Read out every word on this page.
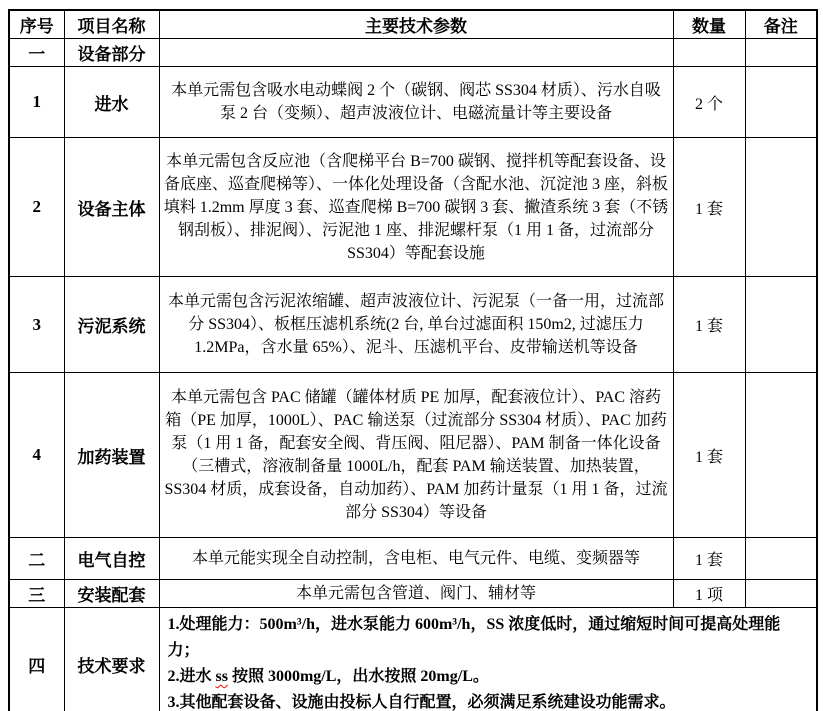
序号	项目名称	主要技术参数	数量	备注
一	设备部分			
1	进水	本单元需包含吸水电动蝶阀 2 个（碳钢、阀芯 SS304 材质）、污水自吸泵 2 台（变频）、超声波液位计、电磁流量计等主要设备	2 个	
2	设备主体	本单元需包含反应池（含爬梯平台 B=700 碳钢、搅拌机等配套设备、设备底座、巡查爬梯等）、一体化处理设备（含配水池、沉淀池 3 座，斜板填料 1.2mm 厚度 3 套、巡查爬梯 B=700 碳钢 3 套、撇渣系统 3 套（不锈钢刮板）、排泥阀）、污泥池 1 座、排泥螺杆泵（1 用 1 备，过流部分 SS304）等配套设施	1 套	
3	污泥系统	本单元需包含污泥浓缩罐、超声波液位计、污泥泵（一备一用，过流部分 SS304）、板框压滤机系统(2 台, 单台过滤面积 150m2, 过滤压力 1.2MPa，含水量 65%）、泥斗、压滤机平台、皮带输送机等设备	1 套	
4	加药装置	本单元需包含 PAC 储罐（罐体材质 PE 加厚，配套液位计）、PAC 溶药箱（PE 加厚，1000L）、PAC 输送泵（过流部分 SS304 材质）、PAC 加药泵（1 用 1 备，配套安全阀、背压阀、阻尼器）、PAM 制备一体化设备（三槽式，溶液制备量 1000L/h，配套 PAM 输送装置、加热装置，SS304 材质，成套设备，自动加药）、PAM 加药计量泵（1 用 1 备，过流部分 SS304）等设备	1 套	
二	电气自控	本单元能实现全自动控制，含电柜、电气元件、电缆、变频器等	1 套	
三	安装配套	本单元需包含管道、阀门、辅材等	1 项	
四	技术要求	1.处理能力：500m³/h，进水泵能力 600m³/h，SS 浓度低时，通过缩短时间可提高处理能力；
2.进水 ss 按照 3000mg/L，出水按照 20mg/L。
3.其他配套设备、设施由投标人自行配置，必须满足系统建设功能需求。		
